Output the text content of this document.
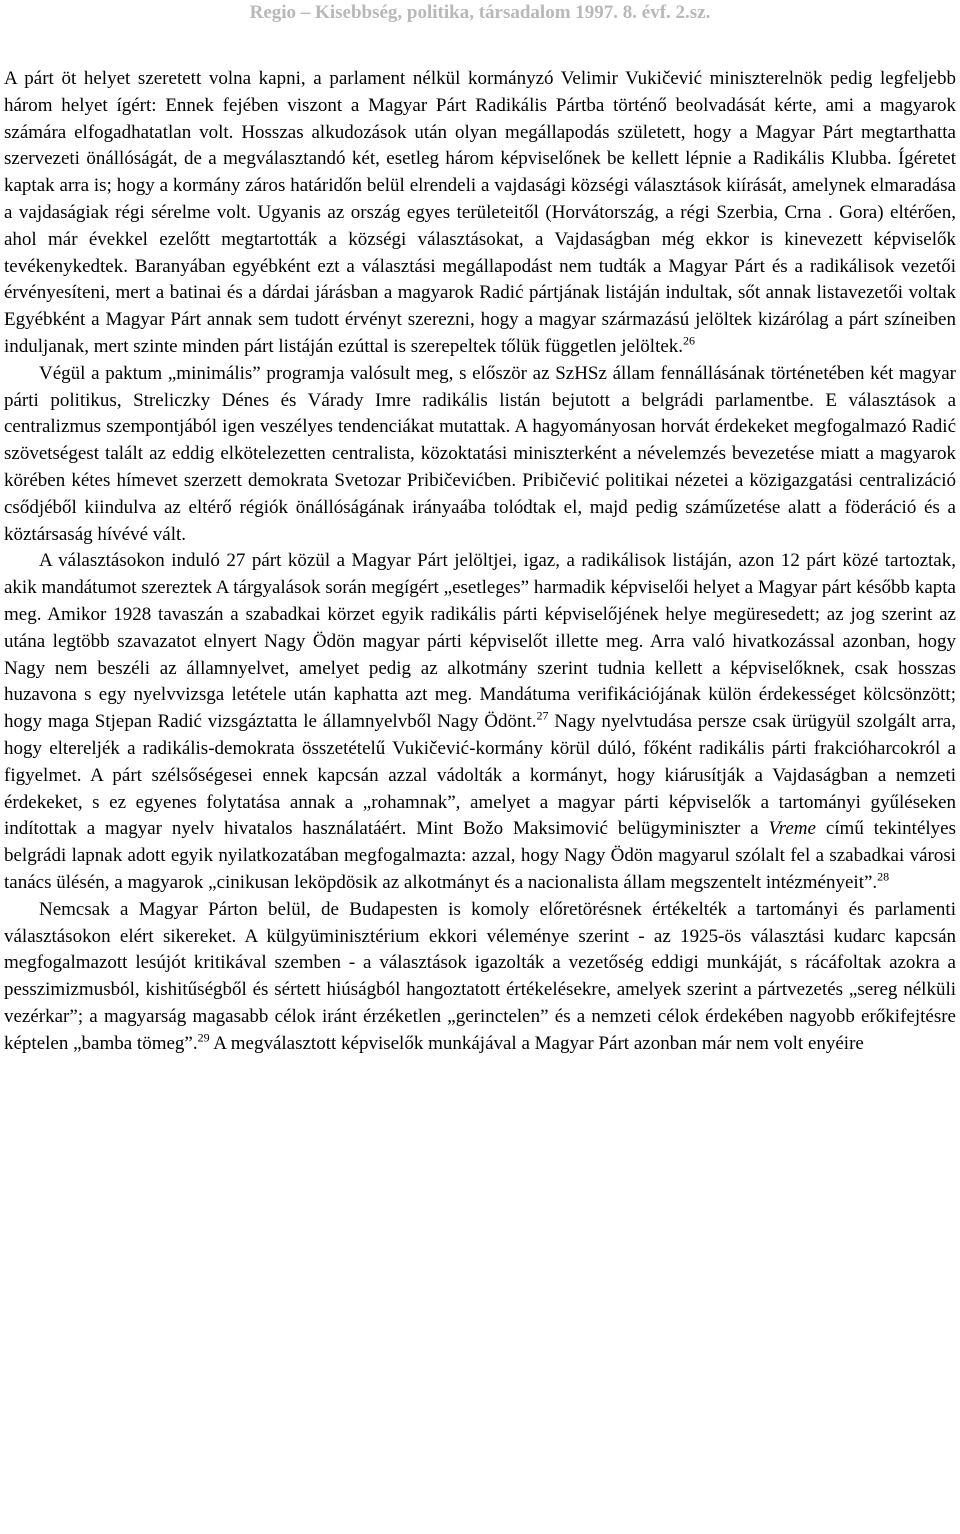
Regio – Kisebbség, politika, társadalom 1997. 8. évf. 2.sz.

A párt öt helyet szeretett volna kapni, a parlament nélkül kormányzó Velimir Vukičević miniszterelnök pedig legfeljebb három helyet ígért: Ennek fejében viszont a Magyar Párt Radikális Pártba történő beolvadását kérte, ami a magyarok számára elfogadhatatlan volt. Hosszas alkudozások után olyan megállapodás született, hogy a Magyar Párt megtarthatta szervezeti önállóságát, de a megválasztandó két, esetleg három képviselőnek be kellett lépnie a Radikális Klubba. Ígéretet kaptak arra is; hogy a kormány záros határidőn belül elrendeli a vajdasági községi választások kiírását, amelynek elmaradása a vajdaságiak régi sérelme volt. Ugyanis az ország egyes területeitől (Horvátország, a régi Szerbia, Crna . Gora) eltérően, ahol már évekkel ezelőtt megtartották a községi választásokat, a Vajdaságban még ekkor is kinevezett képviselők tevékenykedtek. Baranyában egyébként ezt a választási megállapodást nem tudták a Magyar Párt és a radikálisok vezetői érvényesíteni, mert a batinai és a dárdai járásban a magyarok Radić pártjának listáján indultak, sőt annak listavezetői voltak Egyébként a Magyar Párt annak sem tudott érvényt szerezni, hogy a magyar származású jelöltek kizárólag a párt színeiben induljanak, mert szinte minden párt listáján ezúttal is szerepeltek tőlük független jelöltek.$^{26}$

Végül a paktum „minimális” programja valósult meg, s először az SzHSz állam fennállásának történetében két magyar párti politikus, Streliczky Dénes és Várady Imre radikális listán bejutott a belgrádi parlamentbe. E választások a centralizmus szempontjából igen veszélyes tendenciákat mutattak. A hagyományosan horvát érdekeket megfogalmazó Radić szövetségest talált az eddig elkötelezetten centralista, közoktatási miniszterként a névelemzés bevezetése miatt a magyarok körében kétes hímevet szerzett demokrata Svetozar Pribičevićben. Pribičević politikai nézetei a közigazgatási centralizáció csődjéből kiindulva az eltérő régiók önállóságának irányaába tolódtak el, majd pedig száműzetése alatt a föderáció és a köztársaság hívévé vált.

A választásokon induló 27 párt közül a Magyar Párt jelöltjei, igaz, a radikálisok listáján, azon 12 párt közé tartoztak, akik mandátumot szereztek A tárgyalások során megígért „esetleges” harmadik képviselői helyet a Magyar párt később kapta meg. Amikor 1928 tavaszán a szabadkai körzet egyik radikális párti képviselőjének helye megüresedett; az jog szerint az utána legtöbb szavazatot elnyert Nagy Ödön magyar párti képviselőt illette meg. Arra való hivatkozással azonban, hogy Nagy nem beszéli az államnyelvet, amelyet pedig az alkotmány szerint tudnia kellett a képviselőknek, csak hosszas huzavona s egy nyelvvizsga letétele után kaphatta azt meg. Mandátuma verifikációjának külön érdekességet kölcsönzött; hogy maga Stjepan Radić vizsgáztatta le államnyelvből Nagy Ödönt.$^{27}$ Nagy nyelvtudása persze csak ürügyül szolgált arra, hogy eltereljék a radikális-demokrata összetételű Vukičević-kormány körül dúló, főként radikális párti frakcióharcokról a figyelmet. A párt szélsőségesei ennek kapcsán azzal vádolták a kormányt, hogy kiárusítják a Vajdaságban a nemzeti érdekeket, s ez egyenes folytatása annak a „rohamnak”, amelyet a magyar párti képviselők a tartományi gyűléseken indítottak a magyar nyelv hivatalos használatáért. Mint Božo Maksimović belügyminiszter a Vreme című tekintélyes belgrádi lapnak adott egyik nyilatkozatában megfogalmazta: azzal, hogy Nagy Ödön magyarul szólalt fel a szabadkai városi tanács ülésén, a magyarok „cinikusan leköpdösik az alkotmányt és a nacionalista állam megszentelt intézményeit”.$^{28}$

Nemcsak a Magyar Párton belül, de Budapesten is komoly előretörésnek értékelték a tartományi és parlamenti választásokon elért sikereket. A külgyüminisztérium ekkori véleménye szerint - az 1925-ös választási kudarc kapcsán megfogalmazott lesújót kritikával szemben - a választások igazolták a vezetőség eddigi munkáját, s rácáfoltak azokra a pesszimizmusból, kishitűségből és sértett hiúságból hangoztatott értékelésekre, amelyek szerint a pártvezetés „sereg nélküli vezérkar”; a magyarság magasabb célok iránt érzéketlen „gerinctelen” és a nemzeti célok érdekében nagyobb erőkifejtésre képtelen „bamba tömeg”.$^{29}$ A megválasztott képviselők munkájával a Magyar Párt azonban már nem volt enyéire
